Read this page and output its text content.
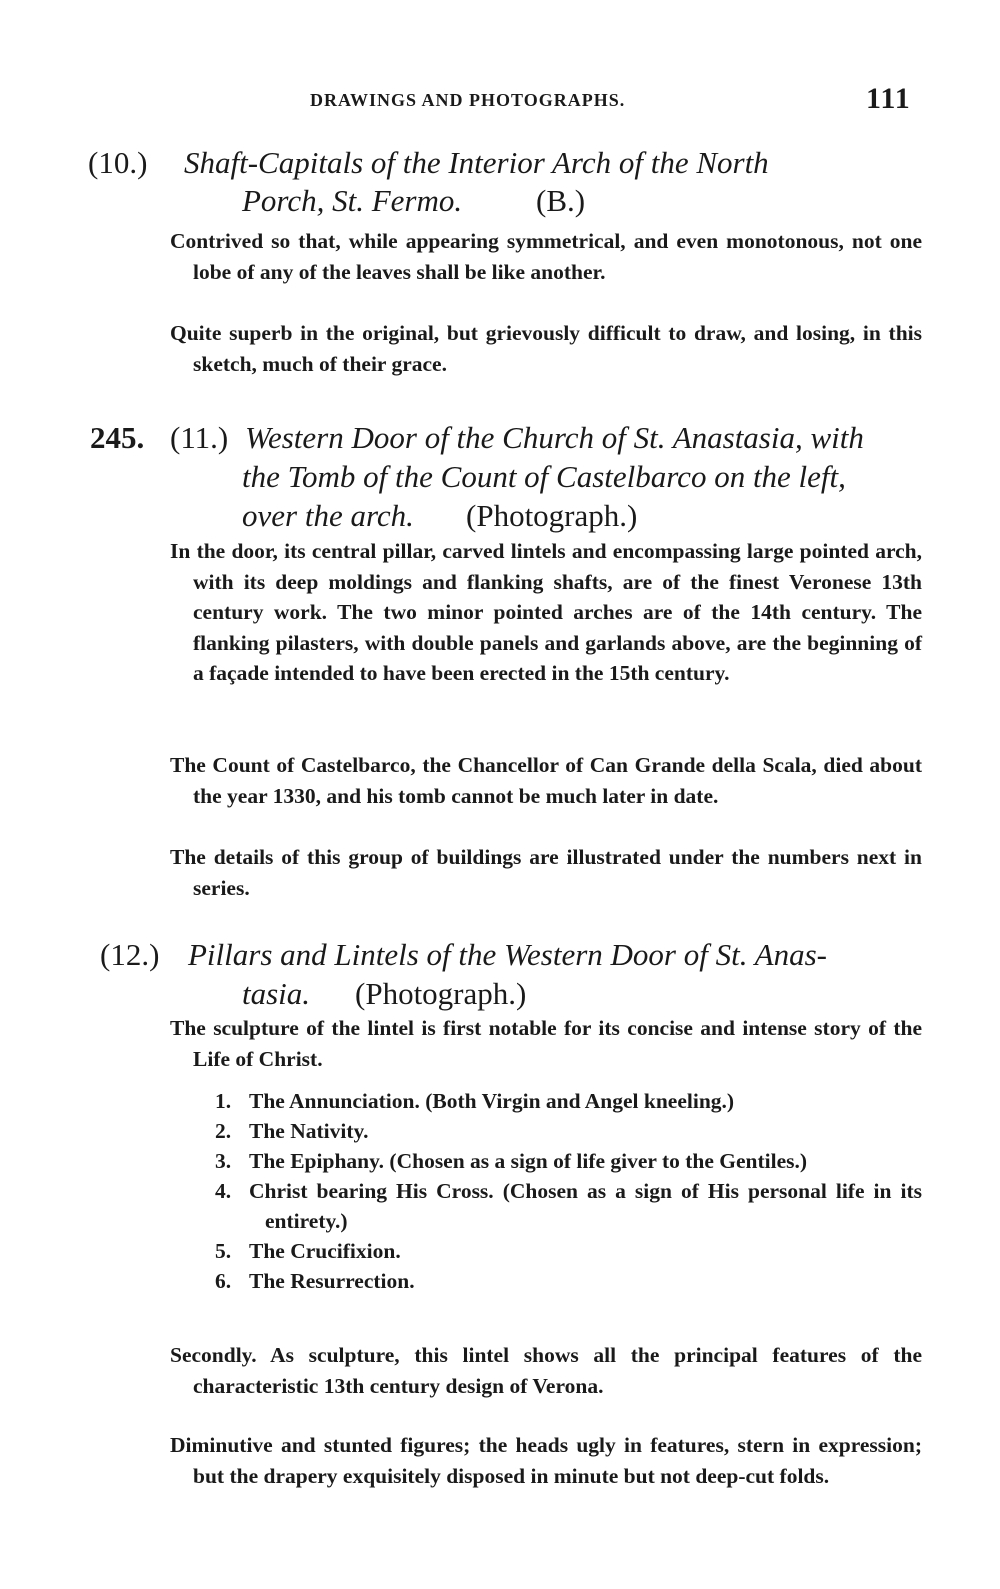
DRAWINGS AND PHOTOGRAPHS.	111
(10.) Shaft-Capitals of the Interior Arch of the North
Porch, St. Fermo. (B.)

Contrived so that, while appearing symmetrical, and even monotonous, not one lobe of any of the leaves shall be like another.

Quite superb in the original, but grievously difficult to draw, and losing, in this sketch, much of their grace.

245. (11.) Western Door of the Church of St. Anastasia, with
the Tomb of the Count of Castelbarco on the left,
over the arch. (Photograph.)

In the door, its central pillar, carved lintels and encompassing large pointed arch, with its deep moldings and flanking shafts, are of the finest Veronese 13th century work. The two minor pointed arches are of the 14th century. The flanking pilasters, with double panels and garlands above, are the beginning of a façade intended to have been erected in the 15th century.

The Count of Castelbarco, the Chancellor of Can Grande della Scala, died about the year 1330, and his tomb cannot be much later in date.

The details of this group of buildings are illustrated under the numbers next in series.

(12.) Pillars and Lintels of the Western Door of St. Anas-
tasia. (Photograph.)

The sculpture of the lintel is first notable for its concise and intense story of the Life of Christ.

1. The Annunciation. (Both Virgin and Angel kneeling.)
2. The Nativity.
3. The Epiphany. (Chosen as a sign of life giver to the Gentiles.)
4. Christ bearing His Cross. (Chosen as a sign of His personal life in its entirety.)
5. The Crucifixion.
6. The Resurrection.

Secondly. As sculpture, this lintel shows all the principal features of the characteristic 13th century design of Verona.

Diminutive and stunted figures; the heads ugly in features, stern in expression; but the drapery exquisitely disposed in minute but not deep-cut folds.
